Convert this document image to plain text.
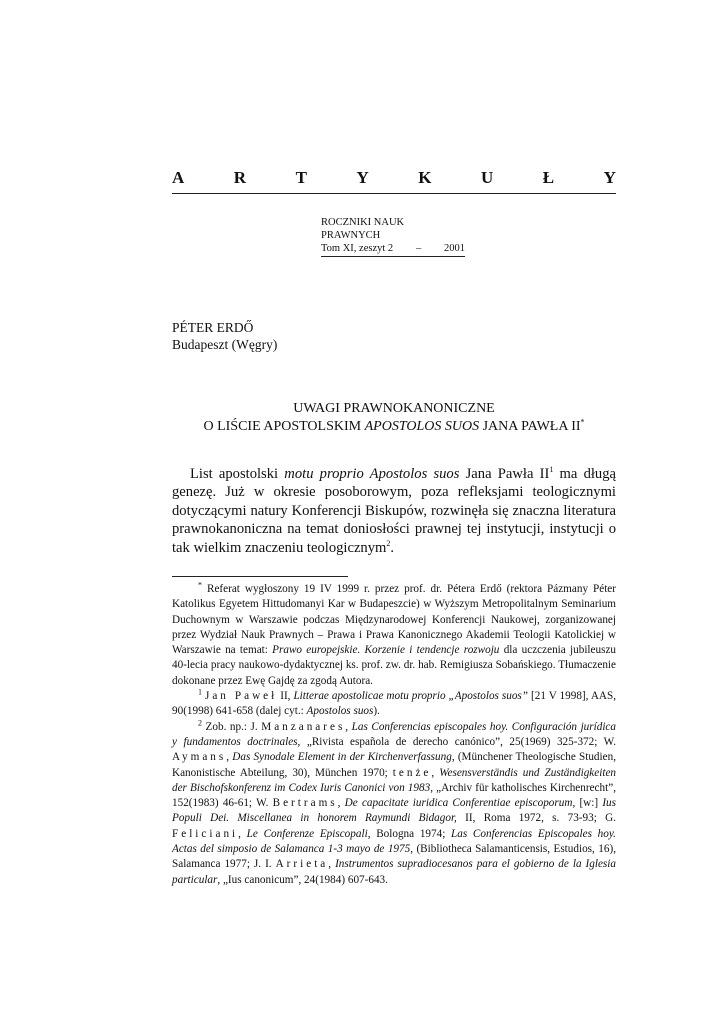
A	R	T	Y	K	U	Ł	Y
ROCZNIKI NAUK PRAWNYCH
Tom XI, zeszyt 2 – 2001
PÉTER ERDŐ
Budapeszt (Węgry)
UWAGI PRAWNOKANONICZNE
O LIŚCIE APOSTOLSKIM APOSTOLOS SUOS JANA PAWŁA II*

List apostolski motu proprio Apostolos suos Jana Pawła $II^1$ ma długą genezę. Już w okresie posoborowym, poza refleksjami teologicznymi dotyczącymi natury Konferencji Biskupów, rozwinęła się znaczna literatura prawnokanoniczna na temat doniosłości prawnej tej instytucji, instytucji o tak wielkim znaczeniu teologicznym$^2$.

* Referat wygłoszony 19 IV 1999 r. przez prof. dr. Pétera Erdő (rektora Pázmany Péter Katolikus Egyetem Hittudomanyi Kar w Budapeszcie) w Wyższym Metropolitalnym Seminarium Duchownym w Warszawie podczas Międzynarodowej Konferencji Naukowej, zorganizowanej przez Wydział Nauk Prawnych – Prawa i Prawa Kanonicznego Akademii Teologii Katolickiej w Warszawie na temat: Prawo europejskie. Korzenie i tendencje rozwoju dla uczczenia jubileuszu 40-lecia pracy naukowo-dydaktycznej ks. prof. zw. dr. hab. Remigiusza Sobańskiego. Tłumaczenie dokonane przez Ewę Gajdę za zgodą Autora.

$^1$ Jan Paweł II, Litterae apostolicae motu proprio „Apostolos suos” [21 V 1998], AAS, 90(1998) 641-658 (dalej cyt.: Apostolos suos).

$^2$ Zob. np.: J. Manzanares, Las Conferencias episcopales hoy. Configuración jurídica y fundamentos doctrinales, „Rivista española de derecho canónico”, 25(1969) 325-372; W. Aymans, Das Synodale Element in der Kirchenverfassung, (Münchener Theologische Studien, Kanonistische Abteilung, 30), München 1970; tenże, Wesensverständis und Zuständigkeiten der Bischofskonferenz im Codex Iuris Canonici von 1983, „Archiv für katholisches Kirchenrecht”, 152(1983) 46-61; W. Bertrams, De capacitate iuridica Conferentiae episcoporum, [w:] Ius Populi Dei. Miscellanea in honorem Raymundi Bidagor, II, Roma 1972, s. 73-93; G. Feliciani, Le Conferenze Episcopali, Bologna 1974; Las Conferencias Episcopales hoy. Actas del simposio de Salamanca 1-3 mayo de 1975, (Bibliotheca Salamanticensis, Estudios, 16), Salamanca 1977; J. I. Arrieta, Instrumentos supradiocesanos para el gobierno de la Iglesia particular, „Ius canonicum”, 24(1984) 607-643.
